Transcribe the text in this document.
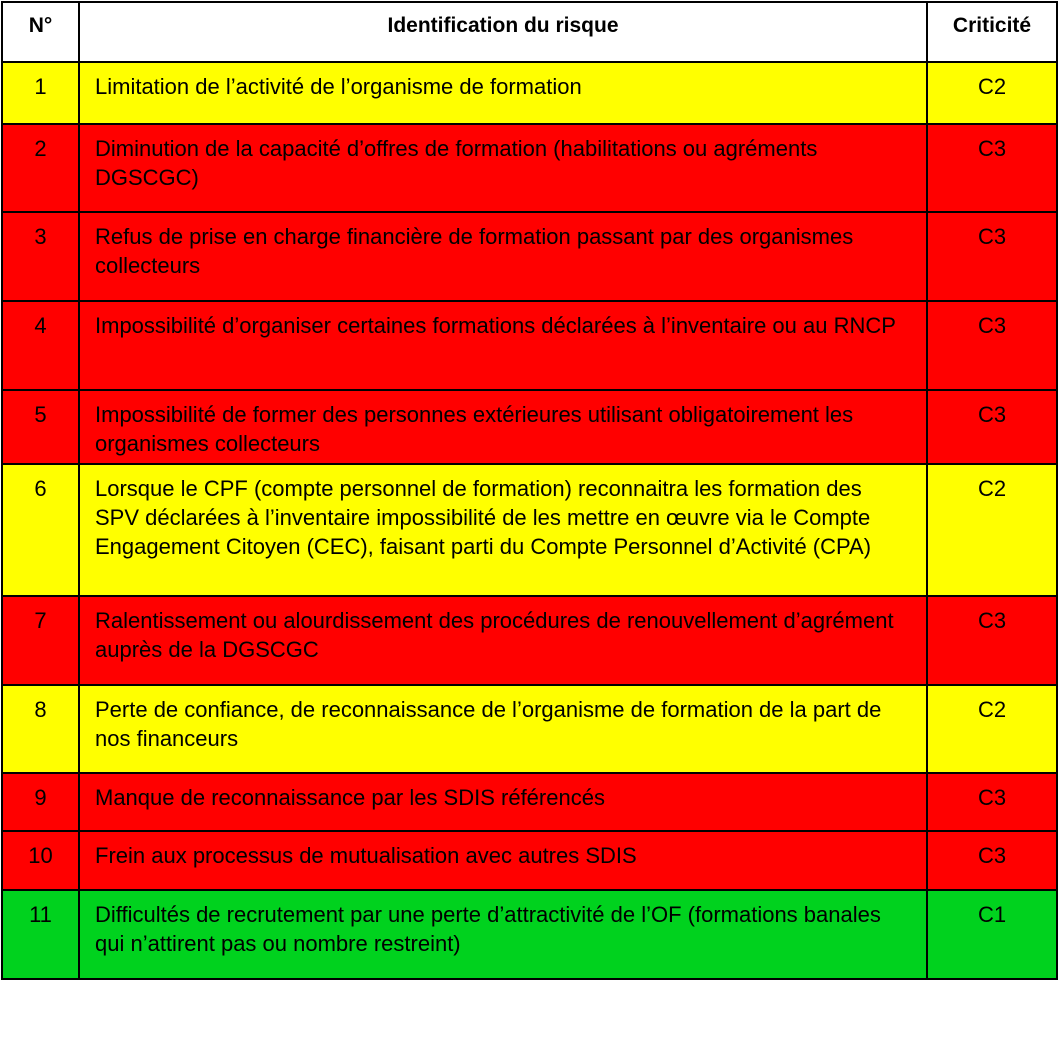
N°	Identification du risque	Criticité
1	Limitation de l’activité de l’organisme de formation	C2
2	Diminution de la capacité d’offres de formation (habilitations ou agréments DGSCGC)	C3
3	Refus de prise en charge financière de formation passant par des organismes collecteurs	C3
4	Impossibilité d’organiser certaines formations déclarées à l’inventaire ou au RNCP	C3
5	Impossibilité de former des personnes extérieures utilisant obligatoirement les organismes collecteurs	C3
6	Lorsque le CPF (compte personnel de formation) reconnaitra les formation des SPV déclarées à l’inventaire impossibilité de les mettre en œuvre via le Compte Engagement Citoyen (CEC), faisant parti du Compte Personnel d’Activité (CPA)	C2
7	Ralentissement ou alourdissement des procédures de renouvellement d’agrément auprès de la DGSCGC	C3
8	Perte de confiance, de reconnaissance de l’organisme de formation de la part de nos financeurs	C2
9	Manque de reconnaissance par les SDIS référencés	C3
10	Frein aux processus de mutualisation avec autres SDIS	C3
11	Difficultés de recrutement par une perte d’attractivité de l’OF (formations banales qui n’attirent pas ou nombre restreint)	C1
